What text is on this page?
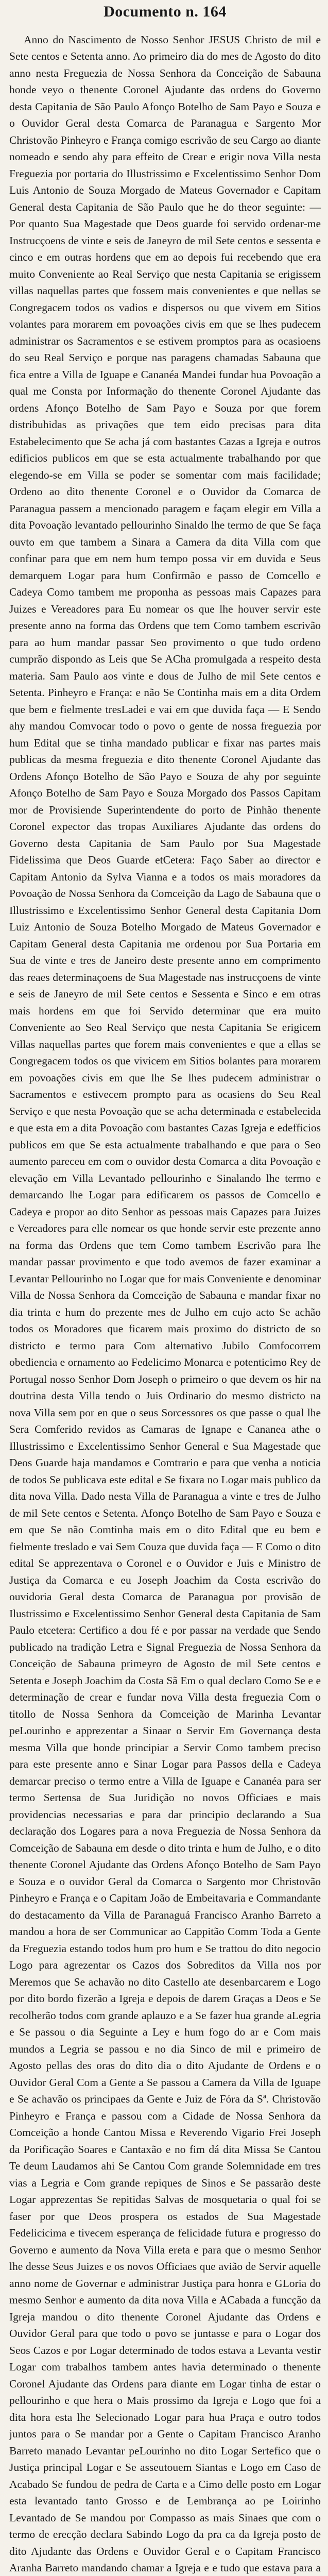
Documento n. 164

Anno do Nascimento de Nosso Senhor JESUS Christo de mil e Sete centos e Setenta anno. Ao primeiro dia do mes de Agosto do dito anno nesta Freguezia de Nossa Senhora da Conceição de Sabauna honde veyo o thenente Coronel Ajudante das ordens do Governo desta Capitania de São Paulo Afonço Botelho de Sam Payo e Souza e o Ouvidor Geral desta Comarca de Paranagua e Sargento Mor Christovão Pinheyro e França comigo escrivão de seu Cargo ao diante nomeado e sendo ahy para effeito de Crear e erigir nova Villa nesta Freguezia por portaria do Illustrissimo e Excelentissimo Senhor Dom Luis Antonio de Souza Morgado de Mateus Governador e Capitam General desta Capitania de São Paulo que he do theor seguinte: — Por quanto Sua Magestade que Deos guarde foi servido ordenar-me Instrucçoens de vinte e seis de Janeyro de mil Sete centos e sessenta e cinco e em outras hordens que em ao depois fui recebendo que era muito Conveniente ao Real Serviço que nesta Capitania se erigissem villas naquellas partes que fossem mais convenientes e que nellas se Congregacem todos os vadios e dispersos ou que vivem em Sitios volantes para morarem em povoações civis em que se lhes pudecem administrar os Sacramentos e se estivem promptos para as ocasioens do seu Real Serviço e porque nas paragens chamadas Sabauna que fica entre a Villa de Iguape e Cananéa Mandei fundar hua Povoação a qual me Consta por Informação do thenente Coronel Ajudante das ordens Afonço Botelho de Sam Payo e Souza por que forem distribuhidas as privações que tem eido precisas para dita Estabelecimento que Se acha já com bastantes Cazas a Igreja e outros edificios publicos em que se esta actualmente trabalhando por que elegendo-se em Villa se poder se somentar com mais facilidade; Ordeno ao dito thenente Coronel e o Ouvidor da Comarca de Paranagua passem a mencionado paragem e façam elegir em Villa a dita Povoação levantado pellourinho Sinaldo lhe termo de que Se faça ouvto em que tambem a Sinara a Camera da dita Villa com que confinar para que em nem hum tempo possa vir em duvida e Seus demarquem Logar para hum Confirmão e passo de Comcello e Cadeya Como tambem me proponha as pessoas mais Capazes para Juizes e Vereadores para Eu nomear os que lhe houver servir este presente anno na forma das Ordens que tem Como tambem escrivão para ao hum mandar passar Seo provimento o que tudo ordeno cumprão dispondo as Leis que Se ACha promulgada a respeito desta materia. Sam Paulo aos vinte e dous de Julho de mil Sete centos e Setenta. Pinheyro e França: e não Se Continha mais em a dita Ordem que bem e fielmente tresLadei e vai em que duvida faça — E Sendo ahy mandou Comvocar todo o povo o gente de nossa freguezia por hum Edital que se tinha mandado publicar e fixar nas partes mais publicas da mesma freguezia e dito thenente Coronel Ajudante das Ordens Afonço Botelho de São Payo e Souza de ahy por seguinte Afonço Botelho de Sam Payo e Souza Morgado dos Passos Capitam mor de Provisiende Superintendente do porto de Pinhão thenente Coronel expector das tropas Auxiliares Ajudante das ordens do Governo desta Capitania de Sam Paulo por Sua Magestade Fidelissima que Deos Guarde etCetera: Faço Saber ao director e Capitam Antonio da Sylva Vianna e a todos os mais moradores da Povoação de Nossa Senhora da Comceição da Lago de Sabauna que o Illustrissimo e Excelentissimo Senhor General desta Capitania Dom Luiz Antonio de Souza Botelho Morgado de Mateus Governador e Capitam General desta Capitania me ordenou por Sua Portaria em Sua de vinte e tres de Janeiro deste presente anno em comprimento das reaes determinaçoens de Sua Magestade nas instrucçoens de vinte e seis de Janeyro de mil Sete centos e Sessenta e Sinco e em otras mais hordens em que foi Servido determinar que era muito Conveniente ao Seo Real Serviço que nesta Capitania Se erigicem Villas naquellas partes que forem mais convenientes e que a ellas se Congregacem todos os que vivicem em Sitios bolantes para morarem em povoações civis em que lhe Se lhes pudecem administrar o Sacramentos e estivecem prompto para as ocasiens do Seu Real Serviço e que nesta Povoação que se acha determinada e estabelecida e que esta em a dita Povoação com bastantes Cazas Igreja e edefficios publicos em que Se esta actualmente trabalhando e que para o Seo aumento pareceu em com o ouvidor desta Comarca a dita Povoação e elevação em Villa Levantado pellourinho e Sinalando lhe termo e demarcando lhe Logar para edificarem os passos de Comcello e Cadeya e propor ao dito Senhor as pessoas mais Capazes para Juizes e Vereadores para elle nomear os que honde servir este prezente anno na forma das Ordens que tem Como tambem Escrivão para lhe mandar passar provimento e que todo avemos de fazer examinar a Levantar Pellourinho no Logar que for mais Conveniente e denominar Villa de Nossa Senhora da Comceição de Sabauna e mandar fixar no dia trinta e hum do prezente mes de Julho em cujo acto Se achão todos os Moradores que ficarem mais proximo do districto de so districto e termo para Com alternativo Jubilo Comfocorrem obediencia e ornamento ao Fedelicimo Monarca e potenticimo Rey de Portugal nosso Senhor Dom Joseph o primeiro o que devem os hir na doutrina desta Villa tendo o Juis Ordinario do mesmo districto na nova Villa sem por en que o seus Sorcessores os que passe o qual lhe Sera Comferido revidos as Camaras de Ignape e Cananea athe o Illustrissimo e Excelentissimo Senhor General e Sua Magestade que Deos Guarde haja mandamos e Comtrario e para que venha a noticia de todos Se publicava este edital e Se fixara no Logar mais publico da dita nova Villa. Dado nesta Villa de Paranagua a vinte e tres de Julho de mil Sete centos e Setenta. Afonço Botelho de Sam Payo e Souza e em que Se não Comtinha mais em o dito Edital que eu bem e fielmente treslado e vai Sem Couza que duvida faça — E Como o dito edital Se apprezentava o Coronel e o Ouvidor e Juis e Ministro de Justiça da Comarca e eu Joseph Joachim da Costa escrivão do ouvidoria Geral desta Comarca de Paranagua por provisão de Ilustrissimo e Excelentissimo Senhor General desta Capitania de Sam Paulo etcetera: Certifico a dou fé e por passar na verdade que Sendo publicado na tradição Letra e Signal Freguezia de Nossa Senhora da Conceição de Sabauna primeyro de Agosto de mil Sete centos e Setenta e Joseph Joachim da Costa Sã Em o qual declaro Como Se e e determinação de crear e fundar nova Villa desta freguezia Com o titollo de Nossa Senhora da Comceição de Marinha Levantar peLourinho e apprezentar a Sinaar o Servir Em Governança desta mesma Villa que honde principiar a Servir Como tambem preciso para este presente anno e Sinar Logar para Passos della e Cadeya demarcar preciso o termo entre a Villa de Iguape e Cananéa para ser termo Sertensa de Sua Juridição no novos Officiaes e mais providencias necessarias e para dar principio declarando a Sua declaração dos Logares para a nova Freguezia de Nossa Senhora da Comceição de Sabauna em desde o dito trinta e hum de Julho, e o dito thenente Coronel Ajudante das Ordens Afonço Botelho de Sam Payo e Souza e o ouvidor Geral da Comarca o Sargento mor Christovão Pinheyro e França e o Capitam João de Embeitavaria e Commandante do destacamento da Villa de Paranaguá Francisco Aranho Barreto a mandou a hora de ser Communicar ao Cappitão Comm Toda a Gente da Freguezia estando todos hum pro hum e Se trattou do dito negocio Logo para agrezentar os Cazos dos Sobreditos da Villa nos por Meremos que Se achavão no dito Castello ate desenbarcarem e Logo por dito bordo fizerão a Igreja e depois de darem Graças a Deos e Se recolherão todos com grande aplauzo e a Se fazer hua grande aLegria e Se passou o dia Seguinte a Ley e hum fogo do ar e Com mais mundos a Legria se passou e no dia Sinco de mil e primeiro de Agosto pellas des oras do dito dia o dito Ajudante de Ordens e o Ouvidor Geral Com a Gente a Se passou a Camera da Villa de Iguape e Se achavão os principaes da Gente e Juiz de Fóra da Sª. Christovão Pinheyro e França e passou com a Cidade de Nossa Senhora da Comceição a honde Cantou Missa e Reverendo Vigario Frei Joseph da Porificação Soares e Cantaxão e no fim dá dita Missa Se Cantou Te deum Laudamos ahi Se Cantou Com grande Solemnidade em tres vias a Legria e Com grande repiques de Sinos e Se passarão deste Logar apprezentas Se repitidas Salvas de mosquetaria o qual foi se faser por que Deos prospera os estados de Sua Magestade Fedelicicima e tivecem esperança de felicidade futura e progresso do Governo e aumento da Nova Villa ereta e para que o mesmo Senhor lhe desse Seus Juizes e os novos Officiaes que avião de Servir aquelle anno nome de Governar e administrar Justiça para honra e GLoria do mesmo Senhor e aumento da dita nova Villa e ACabada a funcção da Igreja mandou o dito thenente Coronel Ajudante das Ordens e Ouvidor Geral para que todo o povo se juntasse e para o Logar dos Seos Cazos e por Logar determinado de todos estava a Levanta vestir Logar com trabalhos tambem antes havia determinado o thenente Coronel Ajudante das Ordens para diante em Logar tinha de estar o pellourinho e que hera o Mais prossimo da Igreja e Logo que foi a dita hora esta lhe Selecionado Logar para hua Praça e outro todos juntos para o Se mandar por a Gente o Capitam Francisco Aranho Barreto manado Levantar peLourinho no dito Logar Sertefico que o Justiça principal Logar e Se asseutouem Siantas e Logo em Caso de Acabado Se fundou de pedra de Carta e a Cimo delle posto em Logar esta levantado tanto Grosso e de Lembrança ao pe Loirinho Levantado de Se mandou por Compasso as mais Sinaes que com o termo de erecção declara Sabindo Logo da pra ca da Igreja posto de dito Ajudante das Ordens e Ouvidor Geral e o Capitam Francisco Aranha Barreto mandando chamar a Igreja e e tudo que estava para a
